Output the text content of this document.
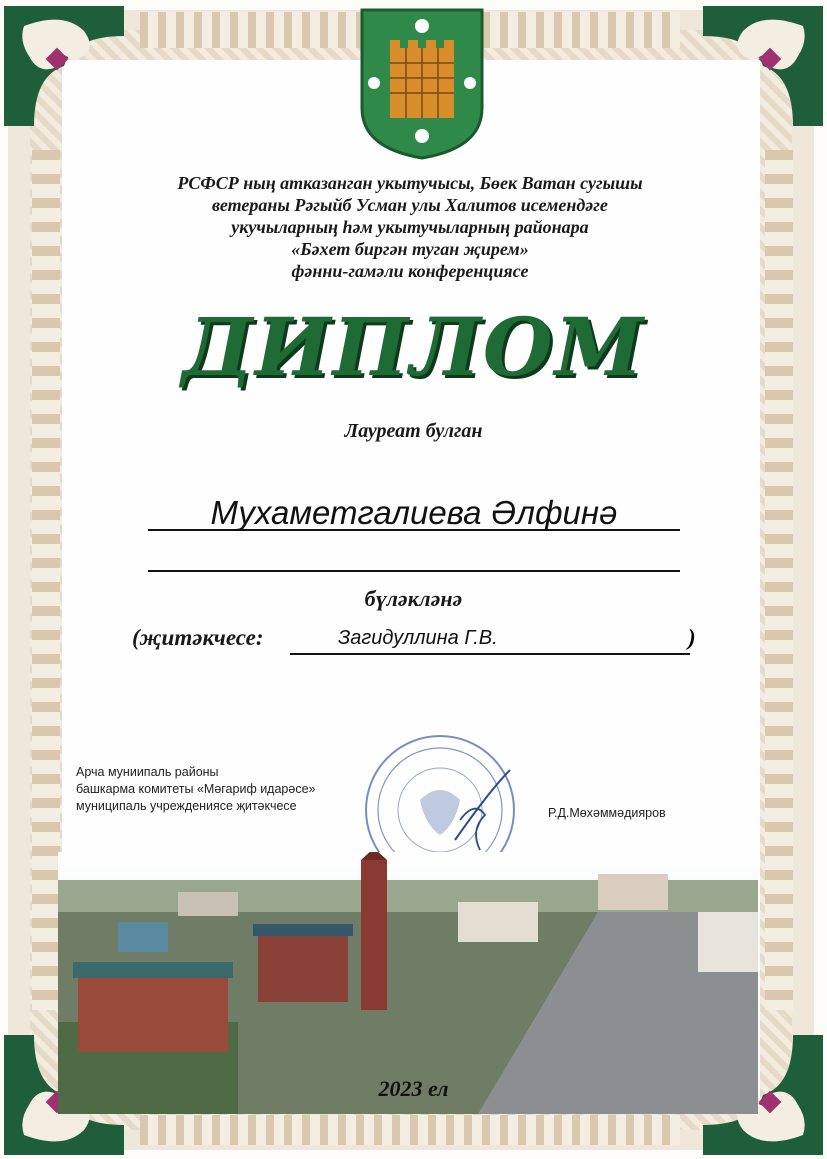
РСФСР ның атказанган укытучысы, Бөек Ватан сугышы
ветераны Рәгыйб Усман улы Халитов исемендәге
укучыларның һәм укытучыларның районара
«Бәхет биргән туган җирем»
фәнни-гамәли конференциясе
ДИПЛОМ
Лауреат булган
Мухаметгалиева Әлфинә
бүләкләнә
(җитәкчесе:	Загидуллина Г.В.	)
Арча муниипаль районы
башкарма комитеты «Мәгариф идарәсе»
муниципаль учреждениясе җитәкчесе	Р.Д.Мөхәммәдияров
2023 ел
